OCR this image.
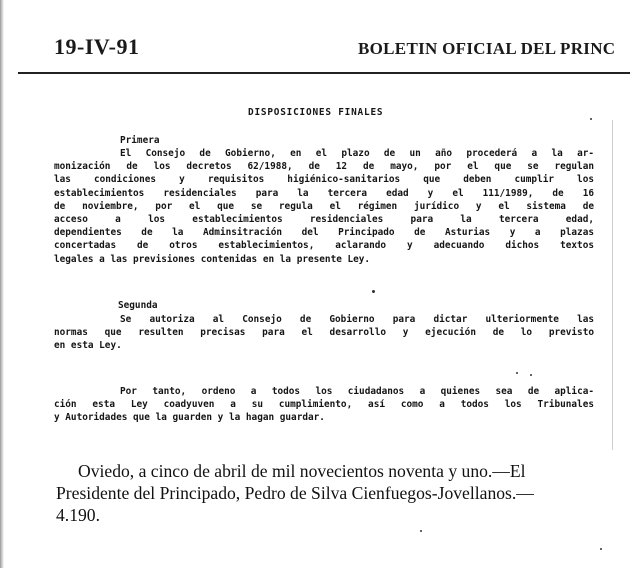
19-IV-91	BOLETIN OFICIAL DEL PRINC
DISPOSICIONES FINALES
Primera
El Consejo de Gobierno, en el plazo de un año procederá a la ar-
monización de los decretos 62/1988, de 12 de mayo, por el que se regulan
las condiciones y requisitos higiénico-sanitarios que deben cumplir los
establecimientos residenciales para la tercera edad y el 111/1989, de 16
de noviembre, por el que se regula el régimen jurídico y el sistema de
acceso a los establecimientos residenciales para la tercera edad,
dependientes de la Adminsitración del Principado de Asturias y a plazas
concertadas de otros establecimientos, aclarando y adecuando dichos textos
legales a las previsiones contenidas en la presente Ley.
Segunda
Se autoriza al Consejo de Gobierno para dictar ulteriormente las
normas que resulten precisas para el desarrollo y ejecución de lo previsto
en esta Ley.
Por tanto, ordeno a todos los ciudadanos a quienes sea de aplica-
ción esta Ley coadyuven a su cumplimiento, así como a todos los Tribunales
y Autoridades que la guarden y la hagan guardar.
Oviedo, a cinco de abril de mil novecientos noventa y uno.—El
Presidente del Principado, Pedro de Silva Cienfuegos-Jovellanos.—
4.190.
